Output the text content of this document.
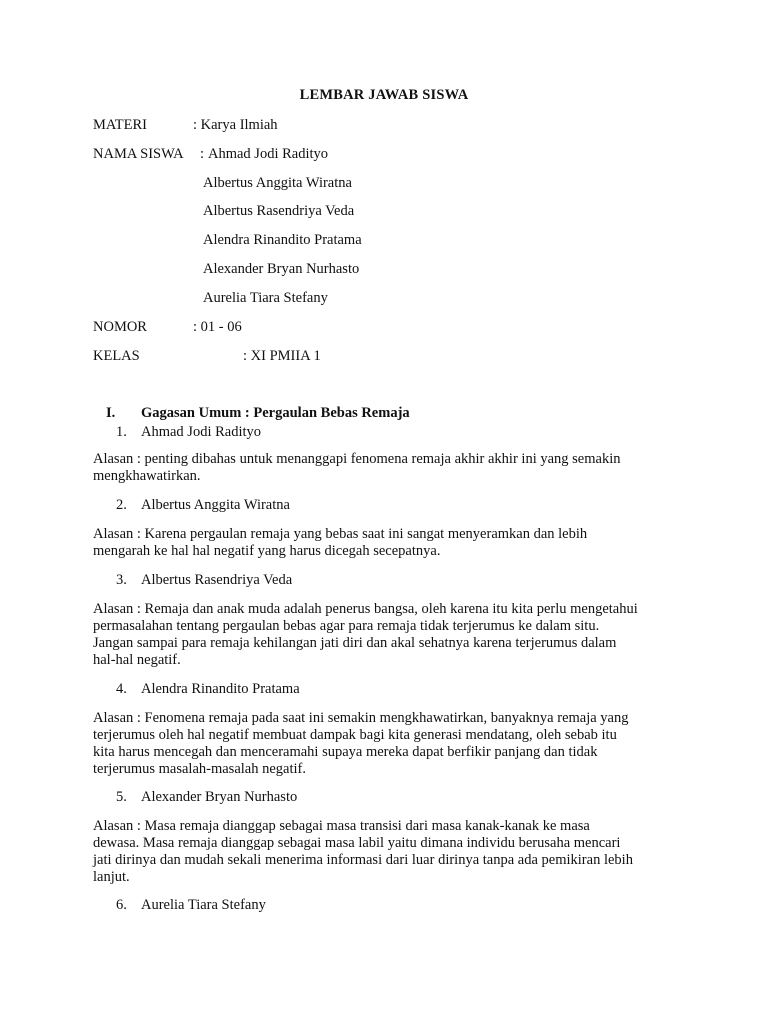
LEMBAR JAWAB SISWA
MATERI	: Karya Ilmiah
NAMA SISWA : Ahmad Jodi Radityo
Albertus Anggita Wiratna
Albertus Rasendriya Veda
Alendra Rinandito Pratama
Alexander Bryan Nurhasto
Aurelia Tiara Stefany
NOMOR	: 01 - 06
KELAS	: XI PMIIA 1
I. Gagasan Umum : Pergaulan Bebas Remaja
1. Ahmad Jodi Radityo
Alasan : penting dibahas untuk menanggapi fenomena remaja akhir akhir ini yang semakin
mengkhawatirkan.
2. Albertus Anggita Wiratna
Alasan : Karena pergaulan remaja yang bebas saat ini sangat menyeramkan dan lebih
mengarah ke hal hal negatif yang harus dicegah secepatnya.
3. Albertus Rasendriya Veda
Alasan : Remaja dan anak muda adalah penerus bangsa, oleh karena itu kita perlu mengetahui
permasalahan tentang pergaulan bebas agar para remaja tidak terjerumus ke dalam situ.
Jangan sampai para remaja kehilangan jati diri dan akal sehatnya karena terjerumus dalam
hal-hal negatif.
4. Alendra Rinandito Pratama
Alasan : Fenomena remaja pada saat ini semakin mengkhawatirkan, banyaknya remaja yang
terjerumus oleh hal negatif membuat dampak bagi kita generasi mendatang, oleh sebab itu
kita harus mencegah dan menceramahi supaya mereka dapat berfikir panjang dan tidak
terjerumus masalah-masalah negatif.
5. Alexander Bryan Nurhasto
Alasan : Masa remaja dianggap sebagai masa transisi dari masa kanak-kanak ke masa
dewasa. Masa remaja dianggap sebagai masa labil yaitu dimana individu berusaha mencari
jati dirinya dan mudah sekali menerima informasi dari luar dirinya tanpa ada pemikiran lebih
lanjut.
6. Aurelia Tiara Stefany
